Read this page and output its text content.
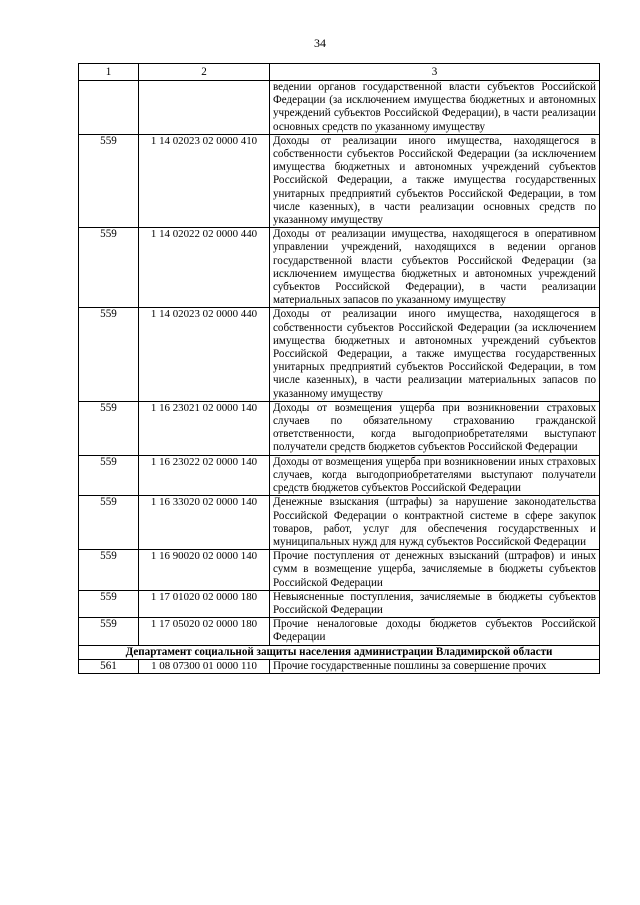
34
1	2	3
		ведении органов государственной власти субъектов Российской Федерации (за исключением имущества бюджетных и автономных учреждений субъектов Российской Федерации), в части реализации основных средств по указанному имуществу
559	1 14 02023 02 0000 410	Доходы от реализации иного имущества, находящегося в собственности субъектов Российской Федерации (за исключением имущества бюджетных и автономных учреждений субъектов Российской Федерации, а также имущества государственных унитарных предприятий субъектов Российской Федерации, в том числе казенных), в части реализации основных средств по указанному имуществу
559	1 14 02022 02 0000 440	Доходы от реализации имущества, находящегося в оперативном управлении учреждений, находящихся в ведении органов государственной власти субъектов Российской Федерации (за исключением имущества бюджетных и автономных учреждений субъектов Российской Федерации), в части реализации материальных запасов по указанному имуществу
559	1 14 02023 02 0000 440	Доходы от реализации иного имущества, находящегося в собственности субъектов Российской Федерации (за исключением имущества бюджетных и автономных учреждений субъектов Российской Федерации, а также имущества государственных унитарных предприятий субъектов Российской Федерации, в том числе казенных), в части реализации материальных запасов по указанному имуществу
559	1 16 23021 02 0000 140	Доходы от возмещения ущерба при возникновении страховых случаев по обязательному страхованию гражданской ответственности, когда выгодоприобретателями выступают получатели средств бюджетов субъектов Российской Федерации
559	1 16 23022 02 0000 140	Доходы от возмещения ущерба при возникновении иных страховых случаев, когда выгодоприобретателями выступают получатели средств бюджетов субъектов Российской Федерации
559	1 16 33020 02 0000 140	Денежные взыскания (штрафы) за нарушение законодательства Российской Федерации о контрактной системе в сфере закупок товаров, работ, услуг для обеспечения государственных и муниципальных нужд для нужд субъектов Российской Федерации
559	1 16 90020 02 0000 140	Прочие поступления от денежных взысканий (штрафов) и иных сумм в возмещение ущерба, зачисляемые в бюджеты субъектов Российской Федерации
559	1 17 01020 02 0000 180	Невыясненные поступления, зачисляемые в бюджеты субъектов Российской Федерации
559	1 17 05020 02 0000 180	Прочие неналоговые доходы бюджетов субъектов Российской Федерации
Департамент социальной защиты населения администрации Владимирской области		
561	1 08 07300 01 0000 110	Прочие государственные пошлины за совершение прочих
